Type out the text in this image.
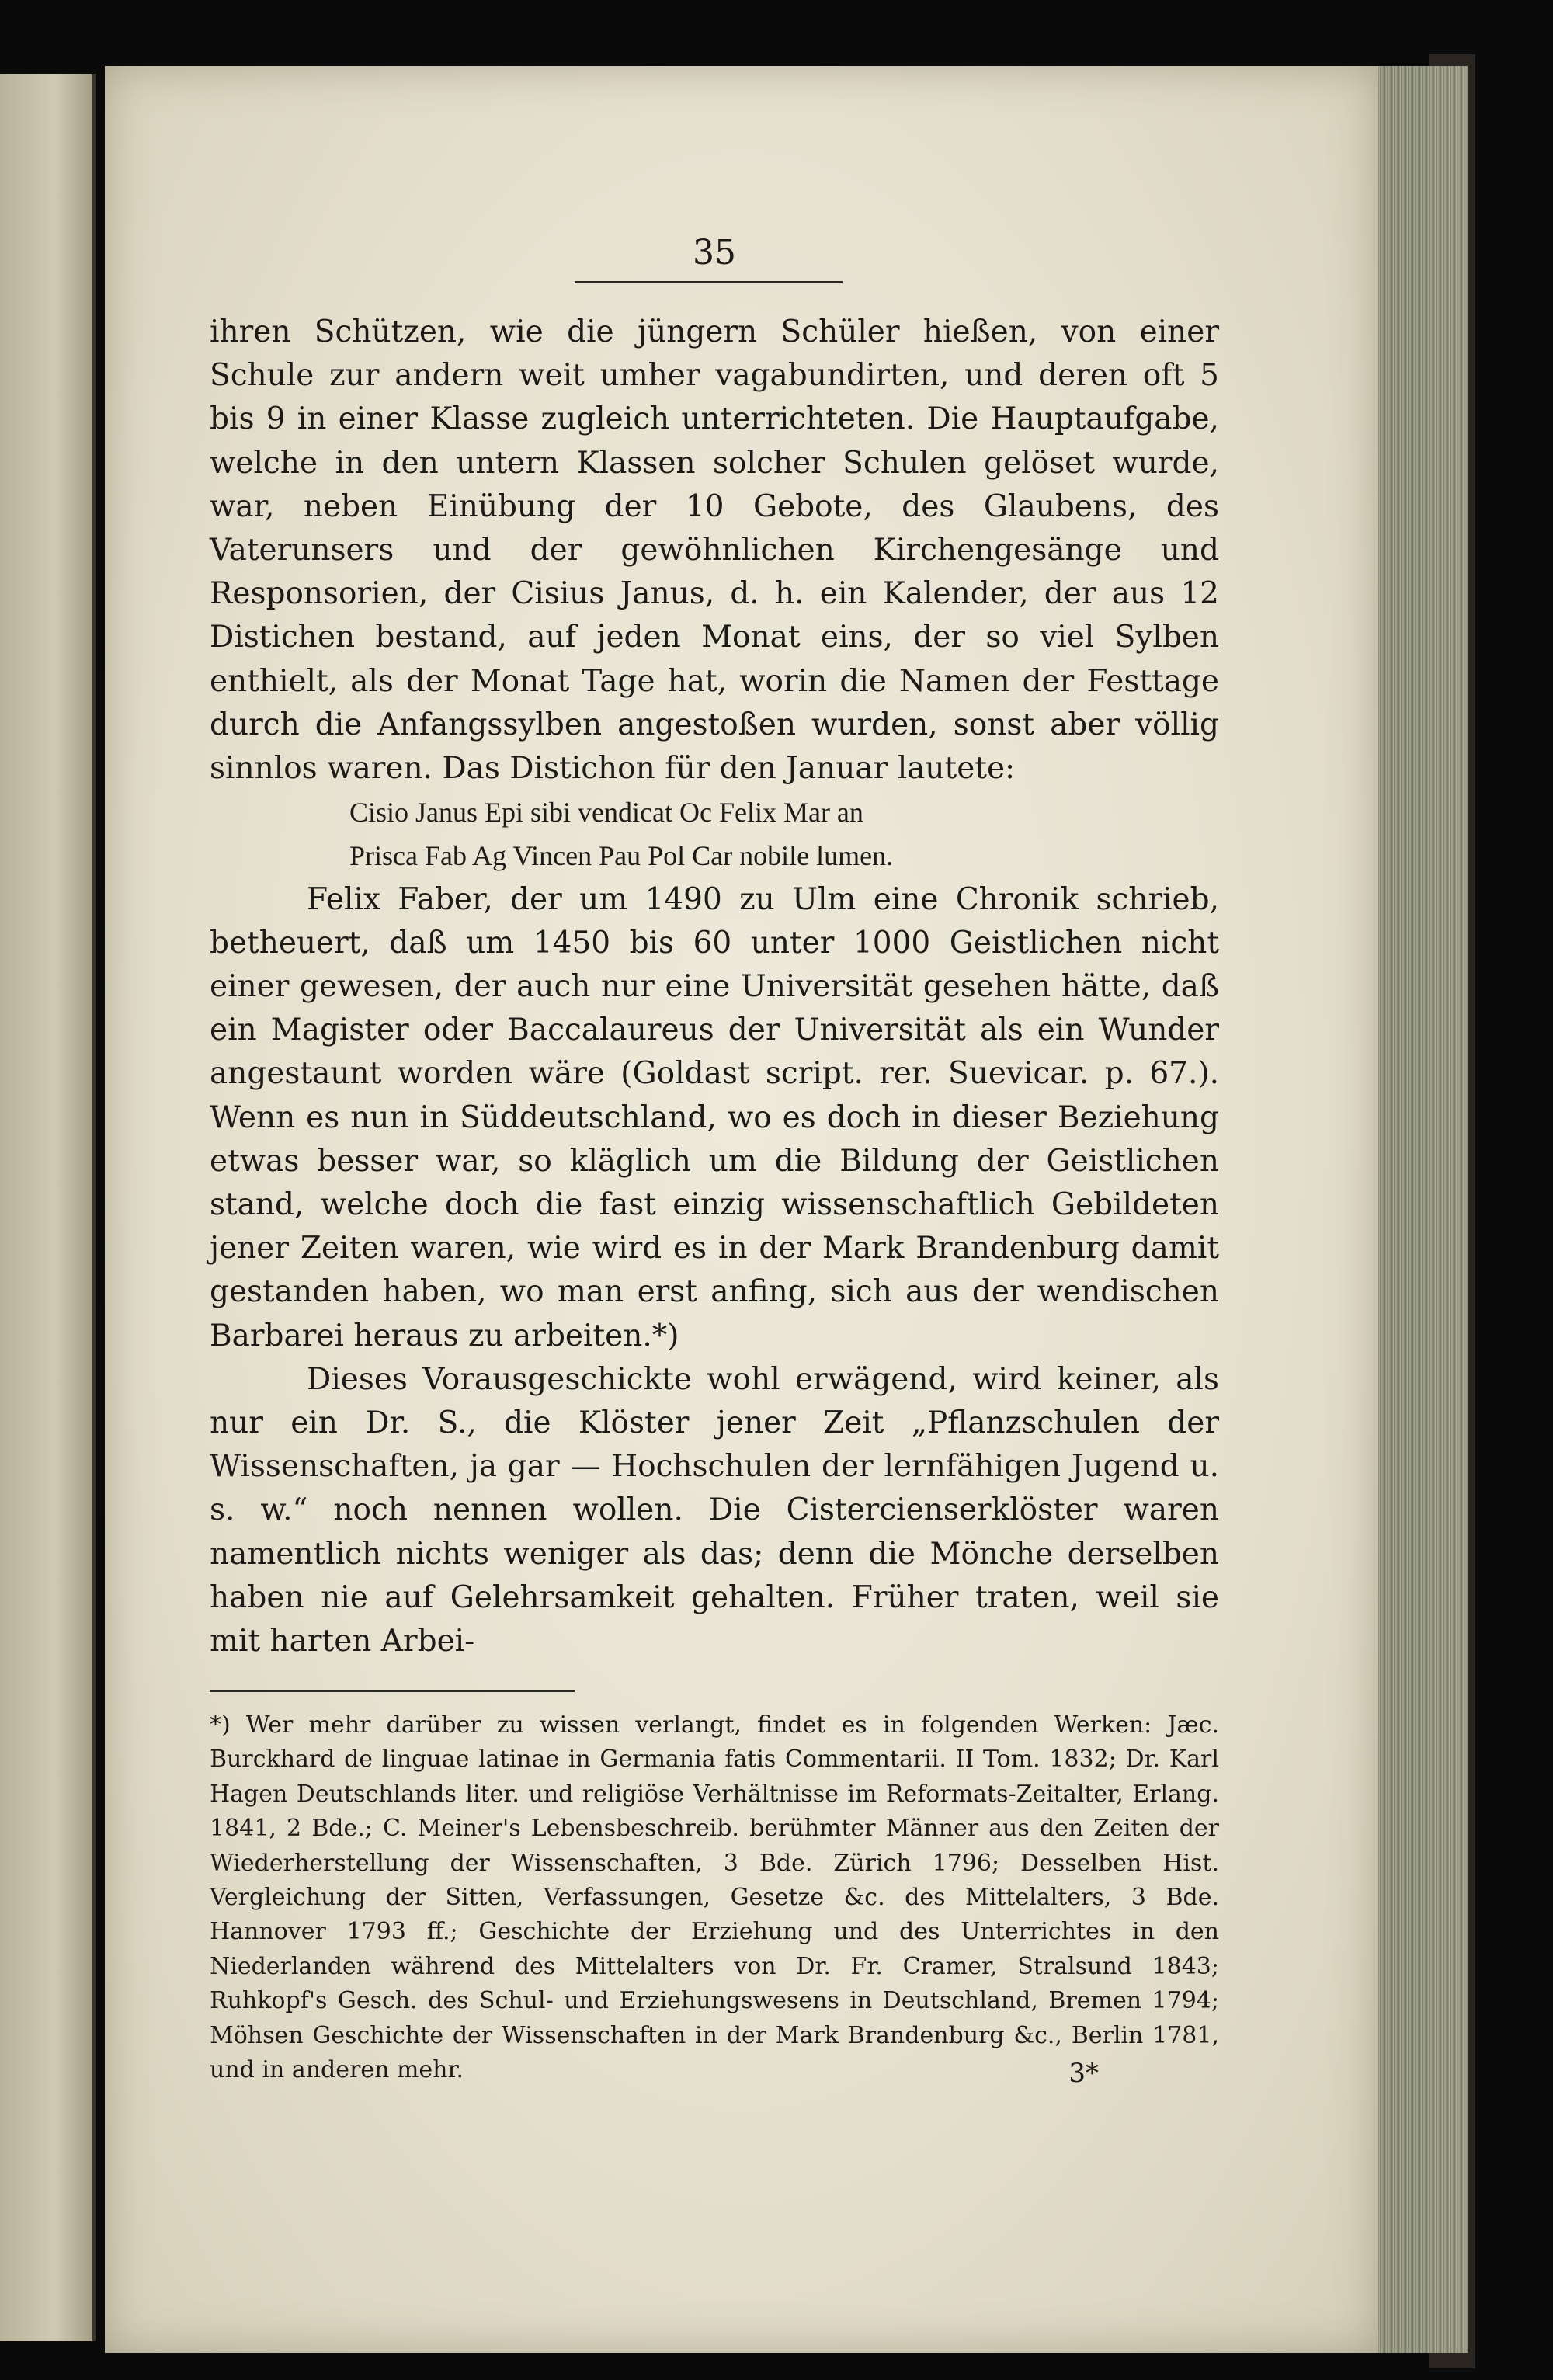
35

ihren Schützen, wie die jüngern Schüler hießen, von einer Schule zur andern weit umher vagabundirten, und deren oft 5 bis 9 in einer Klasse zugleich unterrichteten. Die Hauptaufgabe, welche in den untern Klassen solcher Schulen gelöset wurde, war, neben Einübung der 10 Gebote, des Glaubens, des Vaterunsers und der gewöhnlichen Kirchengesänge und Responsorien, der Cisius Janus, d. h. ein Kalender, der aus 12 Distichen bestand, auf jeden Monat eins, der so viel Sylben enthielt, als der Monat Tage hat, worin die Namen der Festtage durch die Anfangssylben angestoßen wurden, sonst aber völlig sinnlos waren. Das Distichon für den Januar lautete:

Cisio Janus Epi sibi vendicat Oc Felix Mar an
Prisca Fab Ag Vincen Pau Pol Car nobile lumen.

Felix Faber, der um 1490 zu Ulm eine Chronik schrieb, betheuert, daß um 1450 bis 60 unter 1000 Geistlichen nicht einer gewesen, der auch nur eine Universität gesehen hätte, daß ein Magister oder Baccalaureus der Universität als ein Wunder angestaunt worden wäre (Goldast script. rer. Suevicar. p. 67.). Wenn es nun in Süddeutschland, wo es doch in dieser Beziehung etwas besser war, so kläglich um die Bildung der Geistlichen stand, welche doch die fast einzig wissenschaftlich Gebildeten jener Zeiten waren, wie wird es in der Mark Brandenburg damit gestanden haben, wo man erst anfing, sich aus der wendischen Barbarei heraus zu arbeiten.*)

Dieses Vorausgeschickte wohl erwägend, wird keiner, als nur ein Dr. S., die Klöster jener Zeit „Pflanzschulen der Wissenschaften, ja gar — Hochschulen der lernfähigen Jugend u. s. w.“ noch nennen wollen. Die Cistercienserklöster waren namentlich nichts weniger als das; denn die Mönche derselben haben nie auf Gelehrsamkeit gehalten. Früher traten, weil sie mit harten Arbei-

*) Wer mehr darüber zu wissen verlangt, findet es in folgenden Werken: Jæc. Burckhard de linguae latinae in Germania fatis Commentarii. II Tom. 1832; Dr. Karl Hagen Deutschlands liter. und religiöse Verhältnisse im Reformats-Zeitalter, Erlang. 1841, 2 Bde.; C. Meiner's Lebensbeschreib. berühmter Männer aus den Zeiten der Wiederherstellung der Wissenschaften, 3 Bde. Zürich 1796; Desselben Hist. Vergleichung der Sitten, Verfassungen, Gesetze &c. des Mittelalters, 3 Bde. Hannover 1793 ff.; Geschichte der Erziehung und des Unterrichtes in den Niederlanden während des Mittelalters von Dr. Fr. Cramer, Stralsund 1843; Ruhkopf's Gesch. des Schul- und Erziehungswesens in Deutschland, Bremen 1794; Möhsen Geschichte der Wissenschaften in der Mark Brandenburg &c., Berlin 1781, und in anderen mehr.	3*
